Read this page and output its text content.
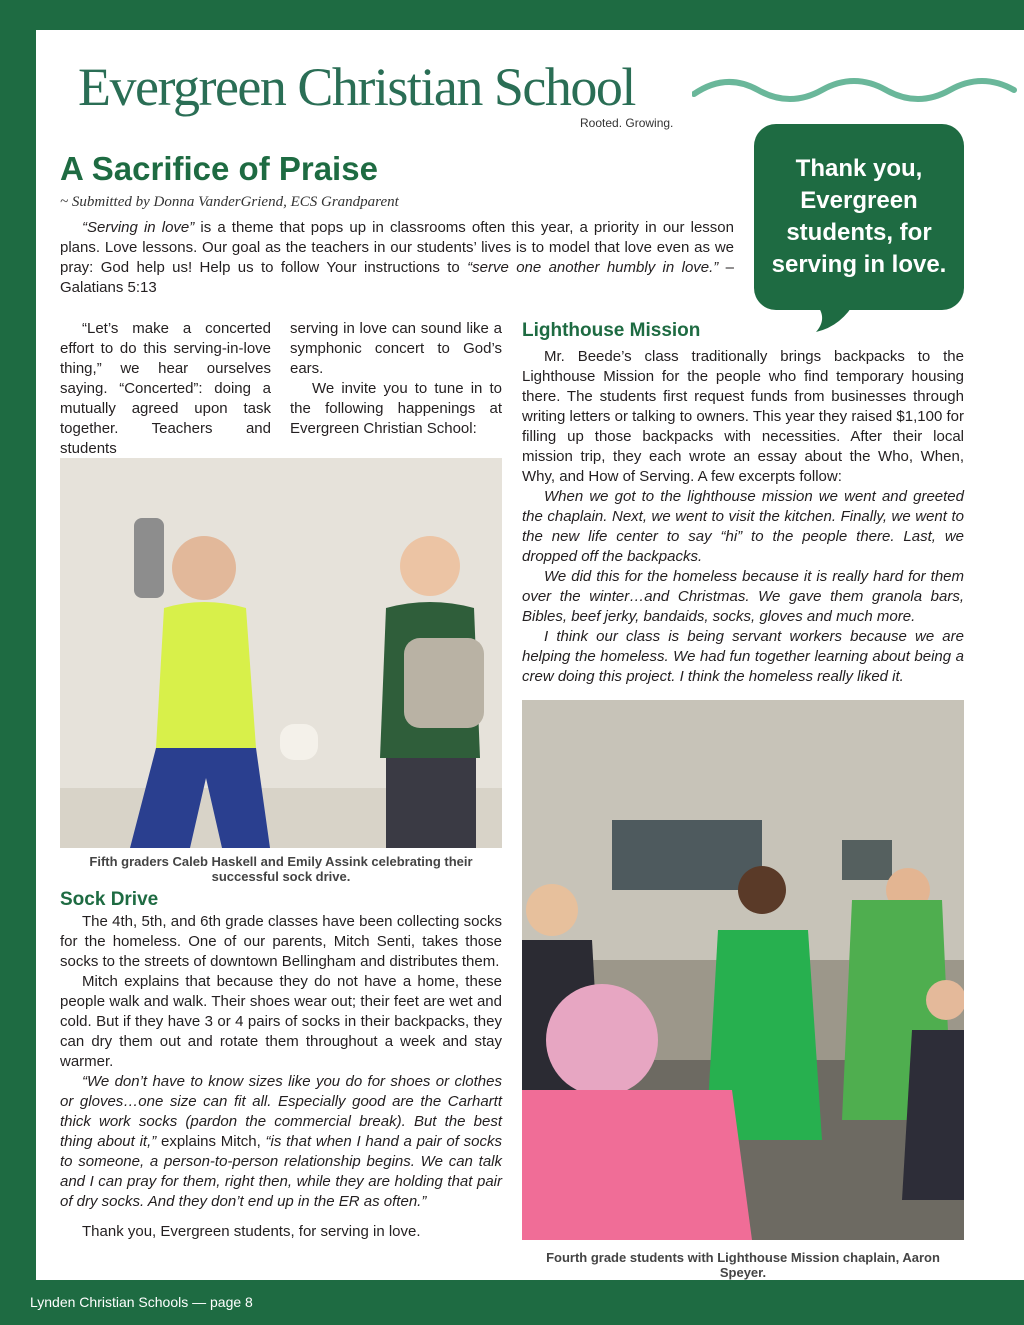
Evergreen Christian School
Rooted. Growing.
Thank you, Evergreen students, for serving in love.
A Sacrifice of Praise
~ Submitted by Donna VanderGriend, ECS Grandparent

“Serving in love” is a theme that pops up in classrooms often this year, a priority in our lesson plans. Love lessons. Our goal as the teachers in our students’ lives is to model that love even as we pray: God help us! Help us to follow Your instructions to “serve one another humbly in love.” – Galatians 5:13

“Let’s make a concerted effort to do this serving-in-love thing,” we hear ourselves saying. “Concerted”: doing a mutually agreed upon task together. Teachers and students

serving in love can sound like a symphonic concert to God’s ears.

We invite you to tune in to the following happenings at Evergreen Christian School:

Lighthouse Mission

Mr. Beede’s class traditionally brings backpacks to the Lighthouse Mission for the people who find temporary housing there. The students first request funds from businesses through writing letters or talking to owners. This year they raised $1,100 for filling up those backpacks with necessities. After their local mission trip, they each wrote an essay about the Who, When, Why, and How of Serving. A few excerpts follow:

When we got to the lighthouse mission we went and greeted the chaplain. Next, we went to visit the kitchen. Finally, we went to the new life center to say “hi” to the people there. Last, we dropped off the backpacks.

We did this for the homeless because it is really hard for them over the winter…and Christmas. We gave them granola bars, Bibles, beef jerky, bandaids, socks, gloves and much more.

I think our class is being servant workers because we are helping the homeless. We had fun together learning about being a crew doing this project. I think the homeless really liked it.

Fifth graders Caleb Haskell and Emily Assink celebrating their successful sock drive.
Sock Drive

The 4th, 5th, and 6th grade classes have been collecting socks for the homeless. One of our parents, Mitch Senti, takes those socks to the streets of downtown Bellingham and distributes them.

Mitch explains that because they do not have a home, these people walk and walk. Their shoes wear out; their feet are wet and cold. But if they have 3 or 4 pairs of socks in their backpacks, they can dry them out and rotate them throughout a week and stay warmer.

“We don’t have to know sizes like you do for shoes or clothes or gloves…one size can fit all. Especially good are the Carhartt thick work socks (pardon the commercial break). But the best thing about it,” explains Mitch, “is that when I hand a pair of socks to someone, a person-to-person relationship begins. We can talk and I can pray for them, right then, while they are holding that pair of dry socks. And they don’t end up in the ER as often.”

Thank you, Evergreen students, for serving in love.

Fourth grade students with Lighthouse Mission chaplain, Aaron Speyer.
Lynden Christian Schools — page 8
